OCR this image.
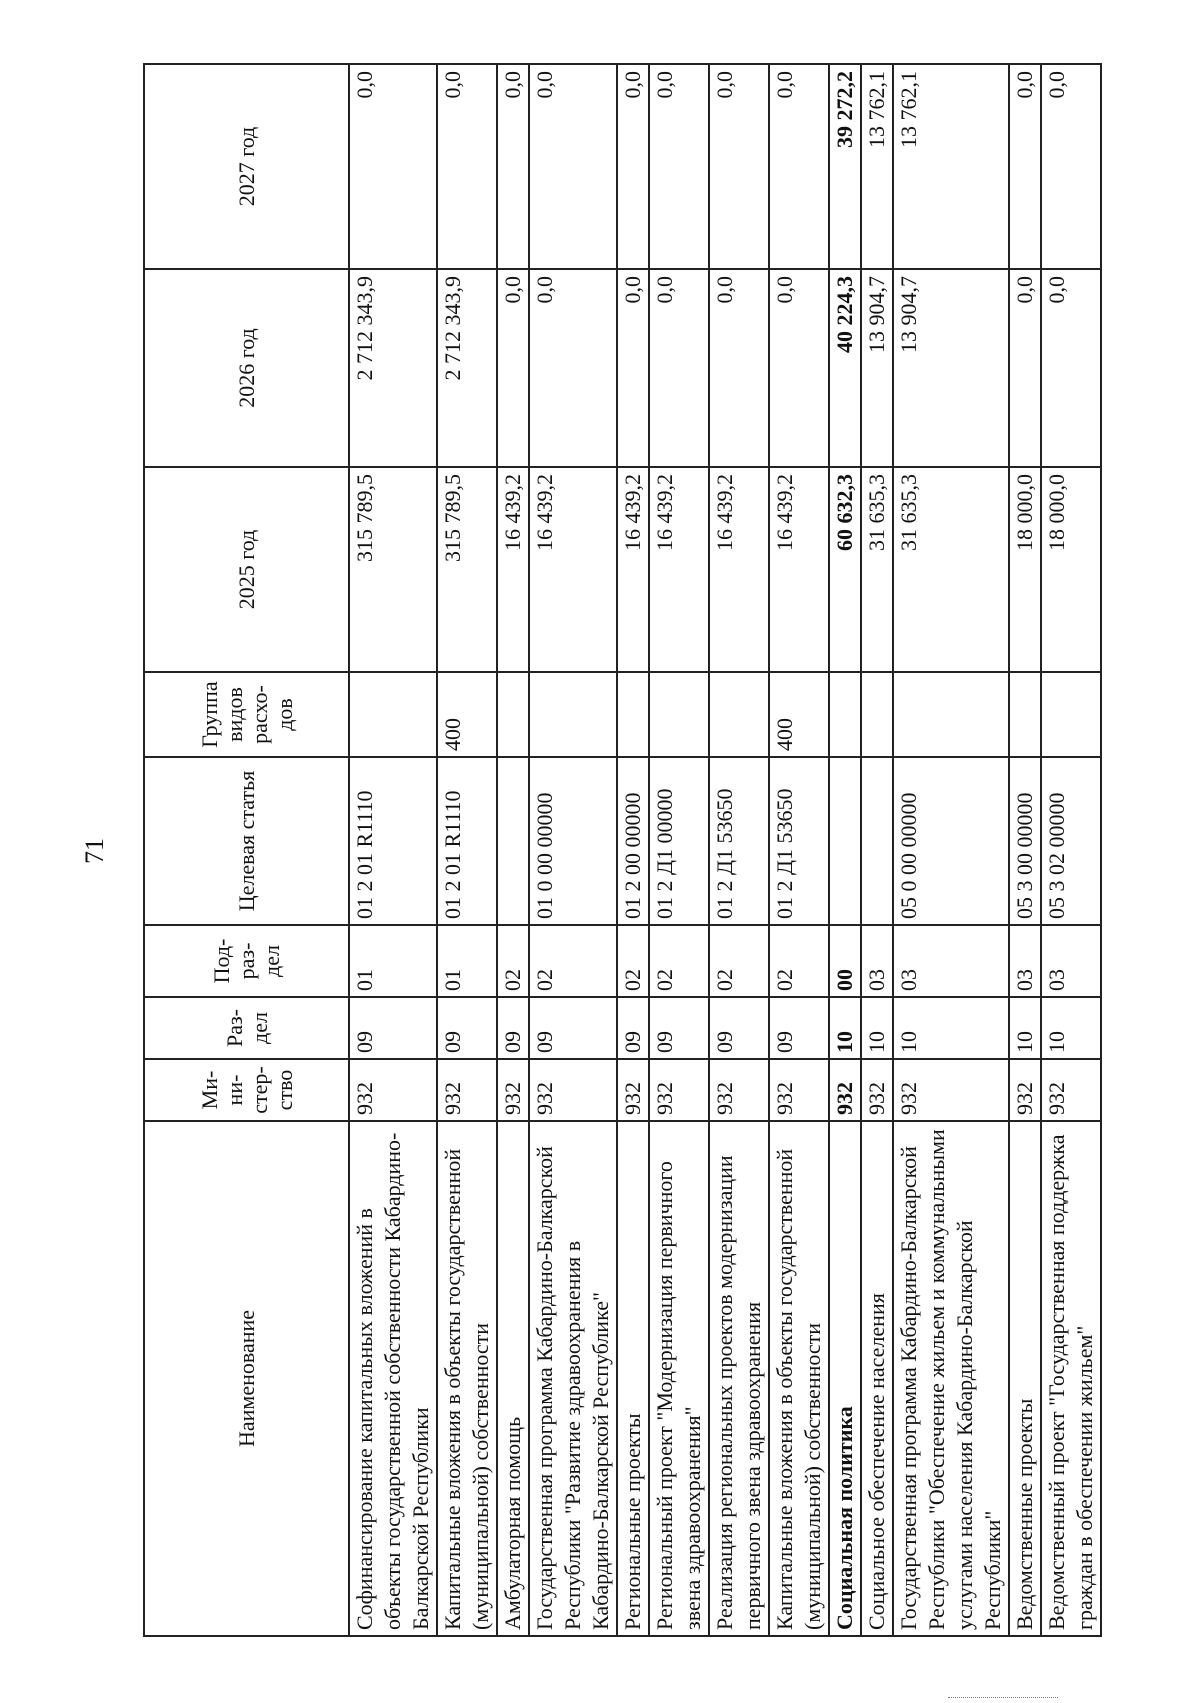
71
Наименование	Ми-ни-стер-ство	Раз-дел	Под-раз-дел	Целевая статья	Группа видов расхо-дов	2025 год	2026 год	2027 год
Софинансирование капитальных вложений в объекты государственной собственности Кабардино-Балкарской Республики	932	09	01	01 2 01 R1110		315 789,5	2 712 343,9	0,0
Капитальные вложения в объекты государственной (муниципальной) собственности	932	09	01	01 2 01 R1110	400	315 789,5	2 712 343,9	0,0
Амбулаторная помощь	932	09	02			16 439,2	0,0	0,0
Государственная программа Кабардино-Балкарской Республики "Развитие здравоохранения в Кабардино-Балкарской Республике"	932	09	02	01 0 00 00000		16 439,2	0,0	0,0
Региональные проекты	932	09	02	01 2 00 00000		16 439,2	0,0	0,0
Региональный проект "Модернизация первичного звена здравоохранения"	932	09	02	01 2 Д1 00000		16 439,2	0,0	0,0
Реализация региональных проектов модернизации первичного звена здравоохранения	932	09	02	01 2 Д1 53650		16 439,2	0,0	0,0
Капитальные вложения в объекты государственной (муниципальной) собственности	932	09	02	01 2 Д1 53650	400	16 439,2	0,0	0,0
Социальная политика	932	10	00			60 632,3	40 224,3	39 272,2
Социальное обеспечение населения	932	10	03			31 635,3	13 904,7	13 762,1
Государственная программа Кабардино-Балкарской Республики "Обеспечение жильем и коммунальными услугами населения Кабардино-Балкарской Республики"	932	10	03	05 0 00 00000		31 635,3	13 904,7	13 762,1
Ведомственные проекты	932	10	03	05 3 00 00000		18 000,0	0,0	0,0
Ведомственный проект "Государственная поддержка граждан в обеспечении жильем"	932	10	03	05 3 02 00000		18 000,0	0,0	0,0
